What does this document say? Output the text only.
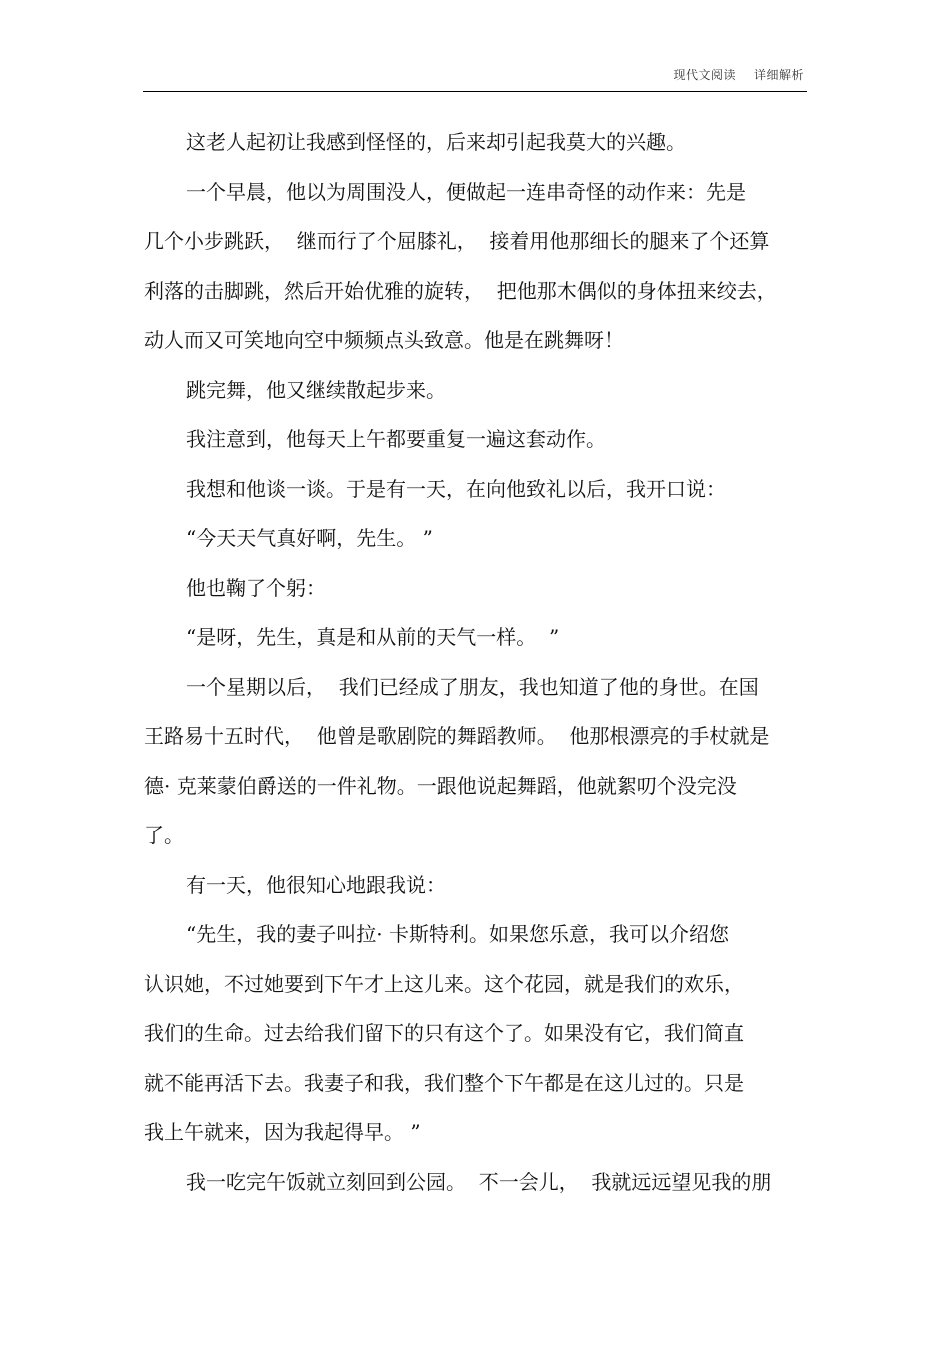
现代文阅读 详细解析
这老人起初让我感到怪怪的，后来却引起我莫大的兴趣。
一个早晨，他以为周围没人，便做起一连串奇怪的动作来：先是
几个小步跳跃，  继而行了个屈膝礼，  接着用他那细长的腿来了个还算
利落的击脚跳，然后开始优雅的旋转，  把他那木偶似的身体扭来绞去，
动人而又可笑地向空中频频点头致意。他是在跳舞呀！
跳完舞，他又继续散起步来。
我注意到，他每天上午都要重复一遍这套动作。
我想和他谈一谈。于是有一天，在向他致礼以后，我开口说：
“今天天气真好啊，先生。 ”
他也鞠了个躬：
“是呀，先生，真是和从前的天气一样。  ”
一个星期以后，  我们已经成了朋友，我也知道了他的身世。在国
王路易十五时代，  他曾是歌剧院的舞蹈教师。  他那根漂亮的手杖就是
德· 克莱蒙伯爵送的一件礼物。一跟他说起舞蹈，他就絮叨个没完没
了。
有一天，他很知心地跟我说：
“先生，我的妻子叫拉· 卡斯特利。如果您乐意，我可以介绍您
认识她，不过她要到下午才上这儿来。这个花园，就是我们的欢乐，
我们的生命。过去给我们留下的只有这个了。如果没有它，我们简直
就不能再活下去。我妻子和我，我们整个下午都是在这儿过的。只是
我上午就来，因为我起得早。 ”
我一吃完午饭就立刻回到公园。  不一会儿，  我就远远望见我的朋
